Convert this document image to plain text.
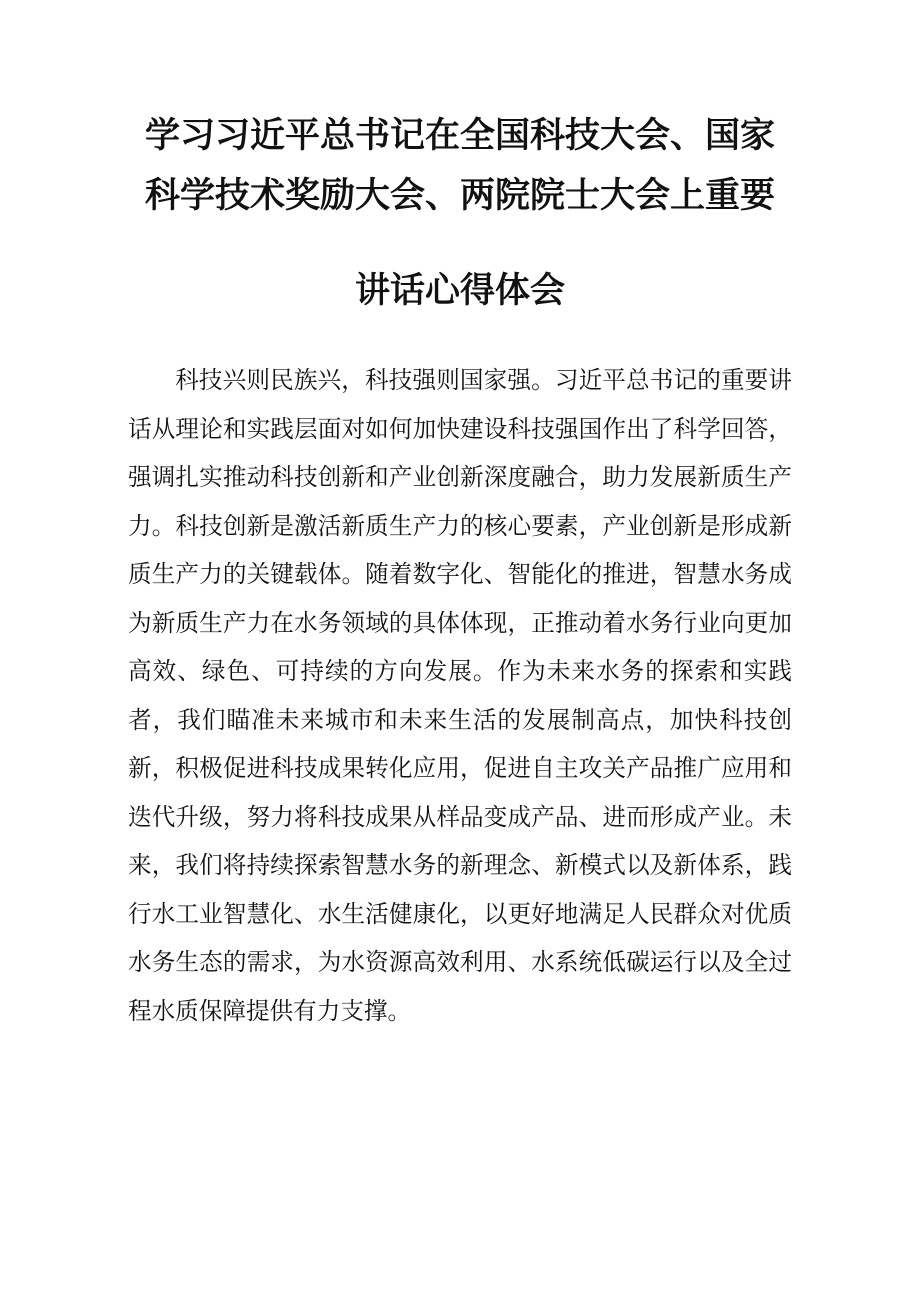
学习习近平总书记在全国科技大会、国家
科学技术奖励大会、两院院士大会上重要
讲话心得体会

科技兴则民族兴，科技强则国家强。习近平总书记的重要讲话从理论和实践层面对如何加快建设科技强国作出了科学回答，强调扎实推动科技创新和产业创新深度融合，助力发展新质生产力。科技创新是激活新质生产力的核心要素，产业创新是形成新质生产力的关键载体。随着数字化、智能化的推进，智慧水务成为新质生产力在水务领域的具体体现，正推动着水务行业向更加高效、绿色、可持续的方向发展。作为未来水务的探索和实践者，我们瞄准未来城市和未来生活的发展制高点，加快科技创新，积极促进科技成果转化应用，促进自主攻关产品推广应用和迭代升级，努力将科技成果从样品变成产品、进而形成产业。未来，我们将持续探索智慧水务的新理念、新模式以及新体系，践行水工业智慧化、水生活健康化，以更好地满足人民群众对优质水务生态的需求，为水资源高效利用、水系统低碳运行以及全过程水质保障提供有力支撑。
